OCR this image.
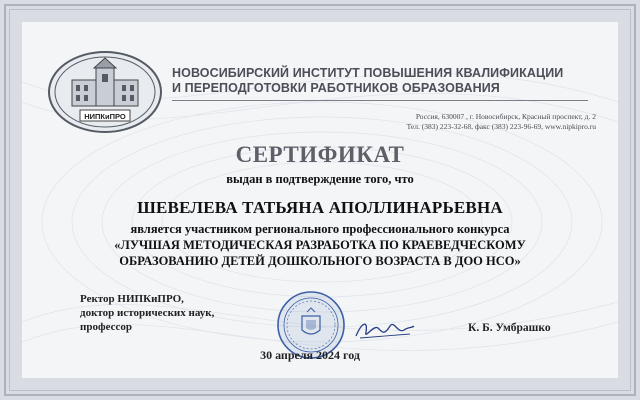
НИПКиПРО
НОВОСИБИРСКИЙ ИНСТИТУТ ПОВЫШЕНИЯ КВАЛИФИКАЦИИ
И ПЕРЕПОДГОТОВКИ РАБОТНИКОВ ОБРАЗОВАНИЯ
Россия, 630007 , г. Новосибирск, Красный проспект, д. 2
Тел. (383) 223-32-68, факс (383) 223-96-69, www.nipkipro.ru
СЕРТИФИКАТ
выдан в подтверждение того, что
ШЕВЕЛЕВА ТАТЬЯНА АПОЛЛИНАРЬЕВНА
является участником регионального профессионального конкурса
«ЛУЧШАЯ МЕТОДИЧЕСКАЯ РАЗРАБОТКА ПО КРАЕВЕДЧЕСКОМУ
ОБРАЗОВАНИЮ ДЕТЕЙ ДОШКОЛЬНОГО ВОЗРАСТА В ДОО НСО»
Ректор НИПКиПРО,
доктор исторических наук,
профессор	К. Б. Умбрашко
30 апреля 2024 год
